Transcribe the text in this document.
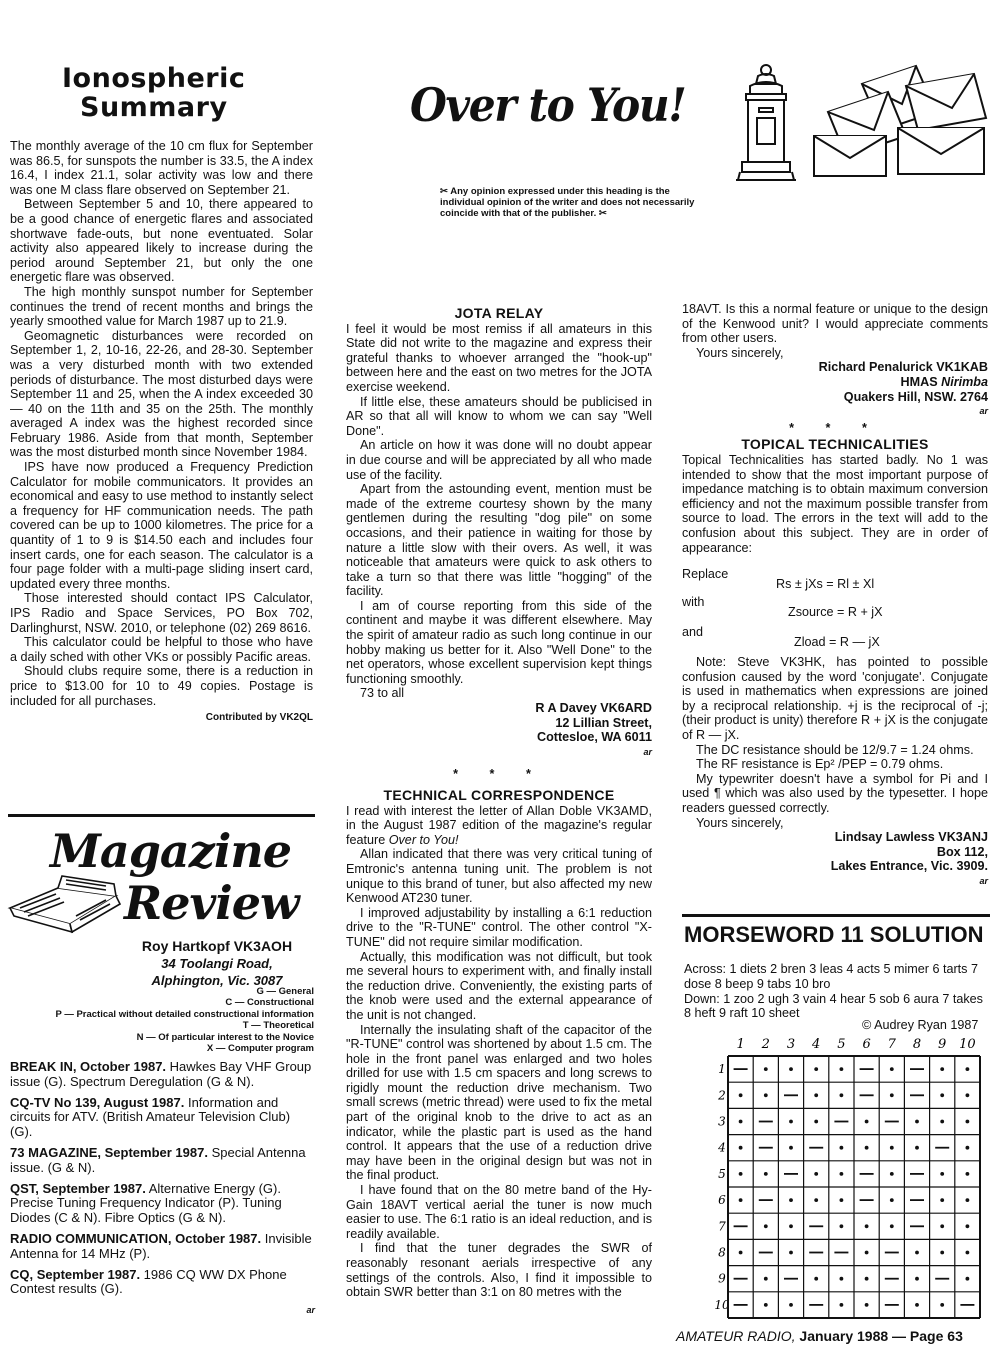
Ionospheric
Summary

The monthly average of the 10 cm flux for September was 86.5, for sunspots the number is 33.5, the A index 16.4, I index 21.1, solar activity was low and there was one M class flare observed on September 21.

Between September 5 and 10, there appeared to be a good chance of energetic flares and associated shortwave fade-outs, but none eventuated. Solar activity also appeared likely to increase during the period around September 21, but only the one energetic flare was observed.

The high monthly sunspot number for September continues the trend of recent months and brings the yearly smoothed value for March 1987 up to 21.9.

Geomagnetic disturbances were recorded on September 1, 2, 10-16, 22-26, and 28-30. September was a very disturbed month with two extended periods of disturbance. The most disturbed days were September 11 and 25, when the A index exceeded 30 — 40 on the 11th and 35 on the 25th. The monthly averaged A index was the highest recorded since February 1986. Aside from that month, September was the most disturbed month since November 1984.

IPS have now produced a Frequency Prediction Calculator for mobile communicators. It provides an economical and easy to use method to instantly select a frequency for HF communication needs. The path covered can be up to 1000 kilometres. The price for a quantity of 1 to 9 is $14.50 each and includes four insert cards, one for each season. The calculator is a four page folder with a multi-page sliding insert card, updated every three months.

Those interested should contact IPS Calculator, IPS Radio and Space Services, PO Box 702, Darlinghurst, NSW. 2010, or telephone (02) 269 8616.

This calculator could be helpful to those who have a daily sched with other VKs or possibly Pacific areas.

Should clubs require some, there is a reduction in price to $13.00 for 10 to 49 copies. Postage is included for all purchases.

Contributed by VK2QL
Over to You!
✂ Any opinion expressed under this heading is the individual opinion of the writer and does not necessarily coincide with that of the publisher. ✂
JOTA RELAY

I feel it would be most remiss if all amateurs in this State did not write to the magazine and express their grateful thanks to whoever arranged the "hook-up" between here and the east on two metres for the JOTA exercise weekend.

If little else, these amateurs should be publicised in AR so that all will know to whom we can say "Well Done".

An article on how it was done will no doubt appear in due course and will be appreciated by all who made use of the facility.

Apart from the astounding event, mention must be made of the extreme courtesy shown by the many gentlemen during the resulting "dog pile" on some occasions, and their patience in waiting for those by nature a little slow with their overs. As well, it was noticeable that amateurs were quick to ask others to take a turn so that there was little "hogging" of the facility.

I am of course reporting from this side of the continent and maybe it was different elsewhere. May the spirit of amateur radio as such long continue in our hobby making us better for it. Also "Well Done" to the net operators, whose excellent supervision kept things functioning smoothly.

73 to all

R A Davey VK6ARD
12 Lillian Street,
Cottesloe, WA 6011
ar
* * *
TECHNICAL CORRESPONDENCE

I read with interest the letter of Allan Doble VK3AMD, in the August 1987 edition of the magazine's regular feature Over to You!

Allan indicated that there was very critical tuning of Emtronic's antenna tuning unit. The problem is not unique to this brand of tuner, but also affected my new Kenwood AT230 tuner.

I improved adjustability by installing a 6:1 reduction drive to the "R-TUNE" control. The other control "X-TUNE" did not require similar modification.

Actually, this modification was not difficult, but took me several hours to experiment with, and finally install the reduction drive. Conveniently, the existing parts of the knob were used and the external appearance of the unit is not changed.

Internally the insulating shaft of the capacitor of the "R-TUNE" control was shortened by about 1.5 cm. The hole in the front panel was enlarged and two holes drilled for use with 1.5 cm spacers and long screws to rigidly mount the reduction drive mechanism. Two small screws (metric thread) were used to fix the metal part of the original knob to the drive to act as an indicator, while the plastic part is used as the hand control. It appears that the use of a reduction drive may have been in the original design but was not in the final product.

I have found that on the 80 metre band of the Hy-Gain 18AVT vertical aerial the tuner is now much easier to use. The 6:1 ratio is an ideal reduction, and is readily available.

I find that the tuner degrades the SWR of reasonably resonant aerials irrespective of any settings of the controls. Also, I find it impossible to obtain SWR better than 3:1 on 80 metres with the

18AVT. Is this a normal feature or unique to the design of the Kenwood unit? I would appreciate comments from other users.

Yours sincerely,

Richard Penalurick VK1KAB
HMAS Nirimba
Quakers Hill, NSW. 2764
ar
* * *
TOPICAL TECHNICALITIES

Topical Technicalities has started badly. No 1 was intended to show that the most important purpose of impedance matching is to obtain maximum conversion efficiency and not the maximum possible transfer from source to load. The errors in the text will add to the confusion about this subject. They are in order of appearance:

Replace
Rs ± jXs = Rl ± Xl
with
Zsource = R + jX
and
Zload = R — jX

Note: Steve VK3HK, has pointed to possible confusion caused by the word 'conjugate'. Conjugate is used in mathematics when expressions are joined by a reciprocal relationship. +j is the reciprocal of -j; (their product is unity) therefore R + jX is the conjugate of R — jX.

The DC resistance should be 12/9.7 = 1.24 ohms.

The RF resistance is Ep² /PEP = 0.79 ohms.

My typewriter doesn't have a symbol for Pi and I used ¶ which was also used by the typesetter. I hope readers guessed correctly.

Yours sincerely,

Lindsay Lawless VK3ANJ
Box 112,
Lakes Entrance, Vic. 3909.
ar
Magazine
Review
Roy Hartkopf VK3AOH
34 Toolangi Road, Alphington, Vic. 3087
G — General
C — Constructional
P — Practical without detailed constructional information
T — Theoretical
N — Of particular interest to the Novice
X — Computer program
BREAK IN, October 1987. Hawkes Bay VHF Group issue (G). Spectrum Deregulation (G & N).
CQ-TV No 139, August 1987. Information and circuits for ATV. (British Amateur Television Club) (G).
73 MAGAZINE, September 1987. Special Antenna issue. (G & N).
QST, September 1987. Alternative Energy (G). Precise Tuning Frequency Indicator (P). Tuning Diodes (C & N). Fibre Optics (G & N).
RADIO COMMUNICATION, October 1987. Invisible Antenna for 14 MHz (P).
CQ, September 1987. 1986 CQ WW DX Phone Contest results (G).
ar
MORSEWORD 11 SOLUTION
Across: 1 diets 2 bren 3 leas 4 acts 5 mimer 6 tarts 7 dose 8 beep 9 tabs 10 bro
Down: 1 zoo 2 ugh 3 vain 4 hear 5 sob 6 aura 7 takes 8 heft 9 raft 10 sheet
© Audrey Ryan 1987
1 2 3 4 5 6 7 8 9 10
1
2
3
4
5
6
7
8
9
10
AMATEUR RADIO, January 1988 — Page 63
